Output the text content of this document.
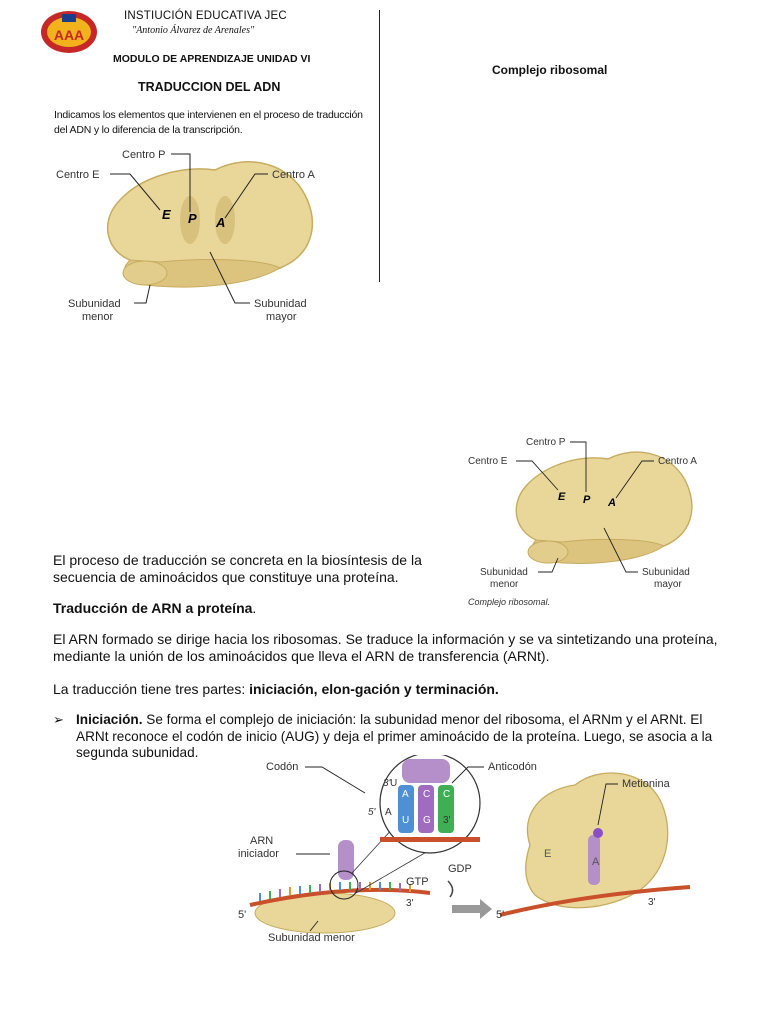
AAA
INSTIUCIÓN EDUCATIVA JEC
"Antonio Álvarez de Arenales"
MODULO DE APRENDIZAJE UNIDAD VI
TRADUCCION DEL ADN
Indicamos los elementos que intervienen en el proceso de traducción del ADN y lo diferencia de la transcripción.
Complejo ribosomal
E P A
Centro P
Centro E	Centro A
Subunidad
menor
Subunidad
mayor
E P A
Centro P
Centro E	Centro A
Subunidad
menor
Subunidad
mayor
Complejo ribosomal.
El proceso de traducción se concreta en la biosíntesis de la secuencia de aminoácidos que constituye una proteína.
Traducción de ARN a proteína.
El ARN formado se dirige hacia los ribosomas. Se traduce la información y se va sintetizando una proteína, mediante la unión de los aminoácidos que lleva el ARN de transferencia (ARNt).
La traducción tiene tres partes: iniciación, elon-gación y terminación.
➢ Iniciación. Se forma el complejo de iniciación: la subunidad menor del ribosoma, el ARNm y el ARNt. El ARNt reconoce el codón de inicio (AUG) y deja el primer aminoácido de la proteína. Luego, se asocia a la segunda subunidad.
3'
5'
U
A
A
U
C
G
C
3'
Codón	Anticodón
ARN
iniciador
5'
3'
Subunidad menor
GDP
GTP
E
A
Metionina
5'
3'
